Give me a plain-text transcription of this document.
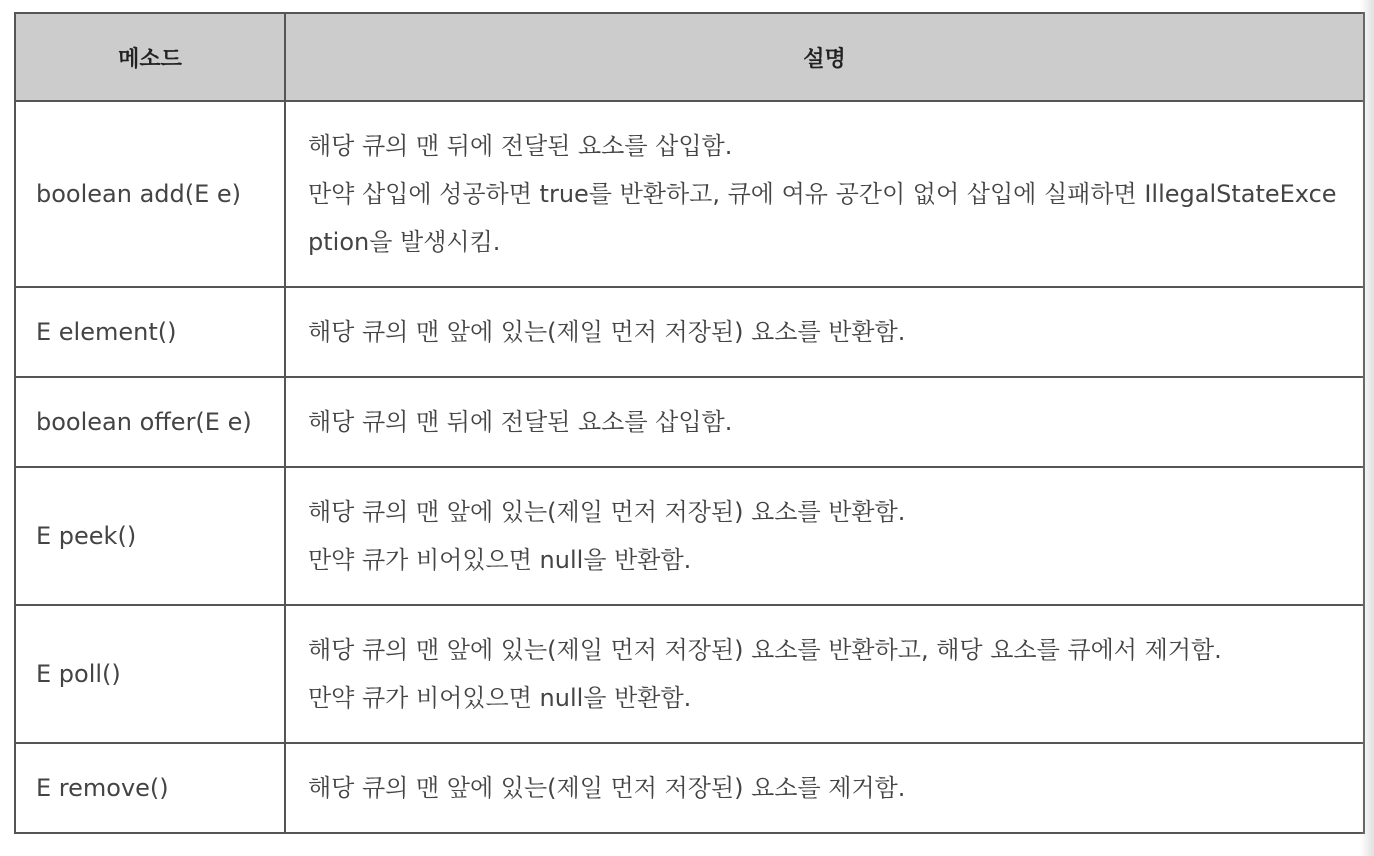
메소드	설명
boolean add(E e)	해당 큐의 맨 뒤에 전달된 요소를 삽입함.
만약 삽입에 성공하면 true를 반환하고, 큐에 여유 공간이 없어 삽입에 실패하면 IllegalStateExce
ption을 발생시킴.

E element()	해당 큐의 맨 앞에 있는(제일 먼저 저장된) 요소를 반환함.

boolean offer(E e)	해당 큐의 맨 뒤에 전달된 요소를 삽입함.

E peek()	해당 큐의 맨 앞에 있는(제일 먼저 저장된) 요소를 반환함.
만약 큐가 비어있으면 null을 반환함.

E poll()	해당 큐의 맨 앞에 있는(제일 먼저 저장된) 요소를 반환하고, 해당 요소를 큐에서 제거함.
만약 큐가 비어있으면 null을 반환함.

E remove()	해당 큐의 맨 앞에 있는(제일 먼저 저장된) 요소를 제거함.
